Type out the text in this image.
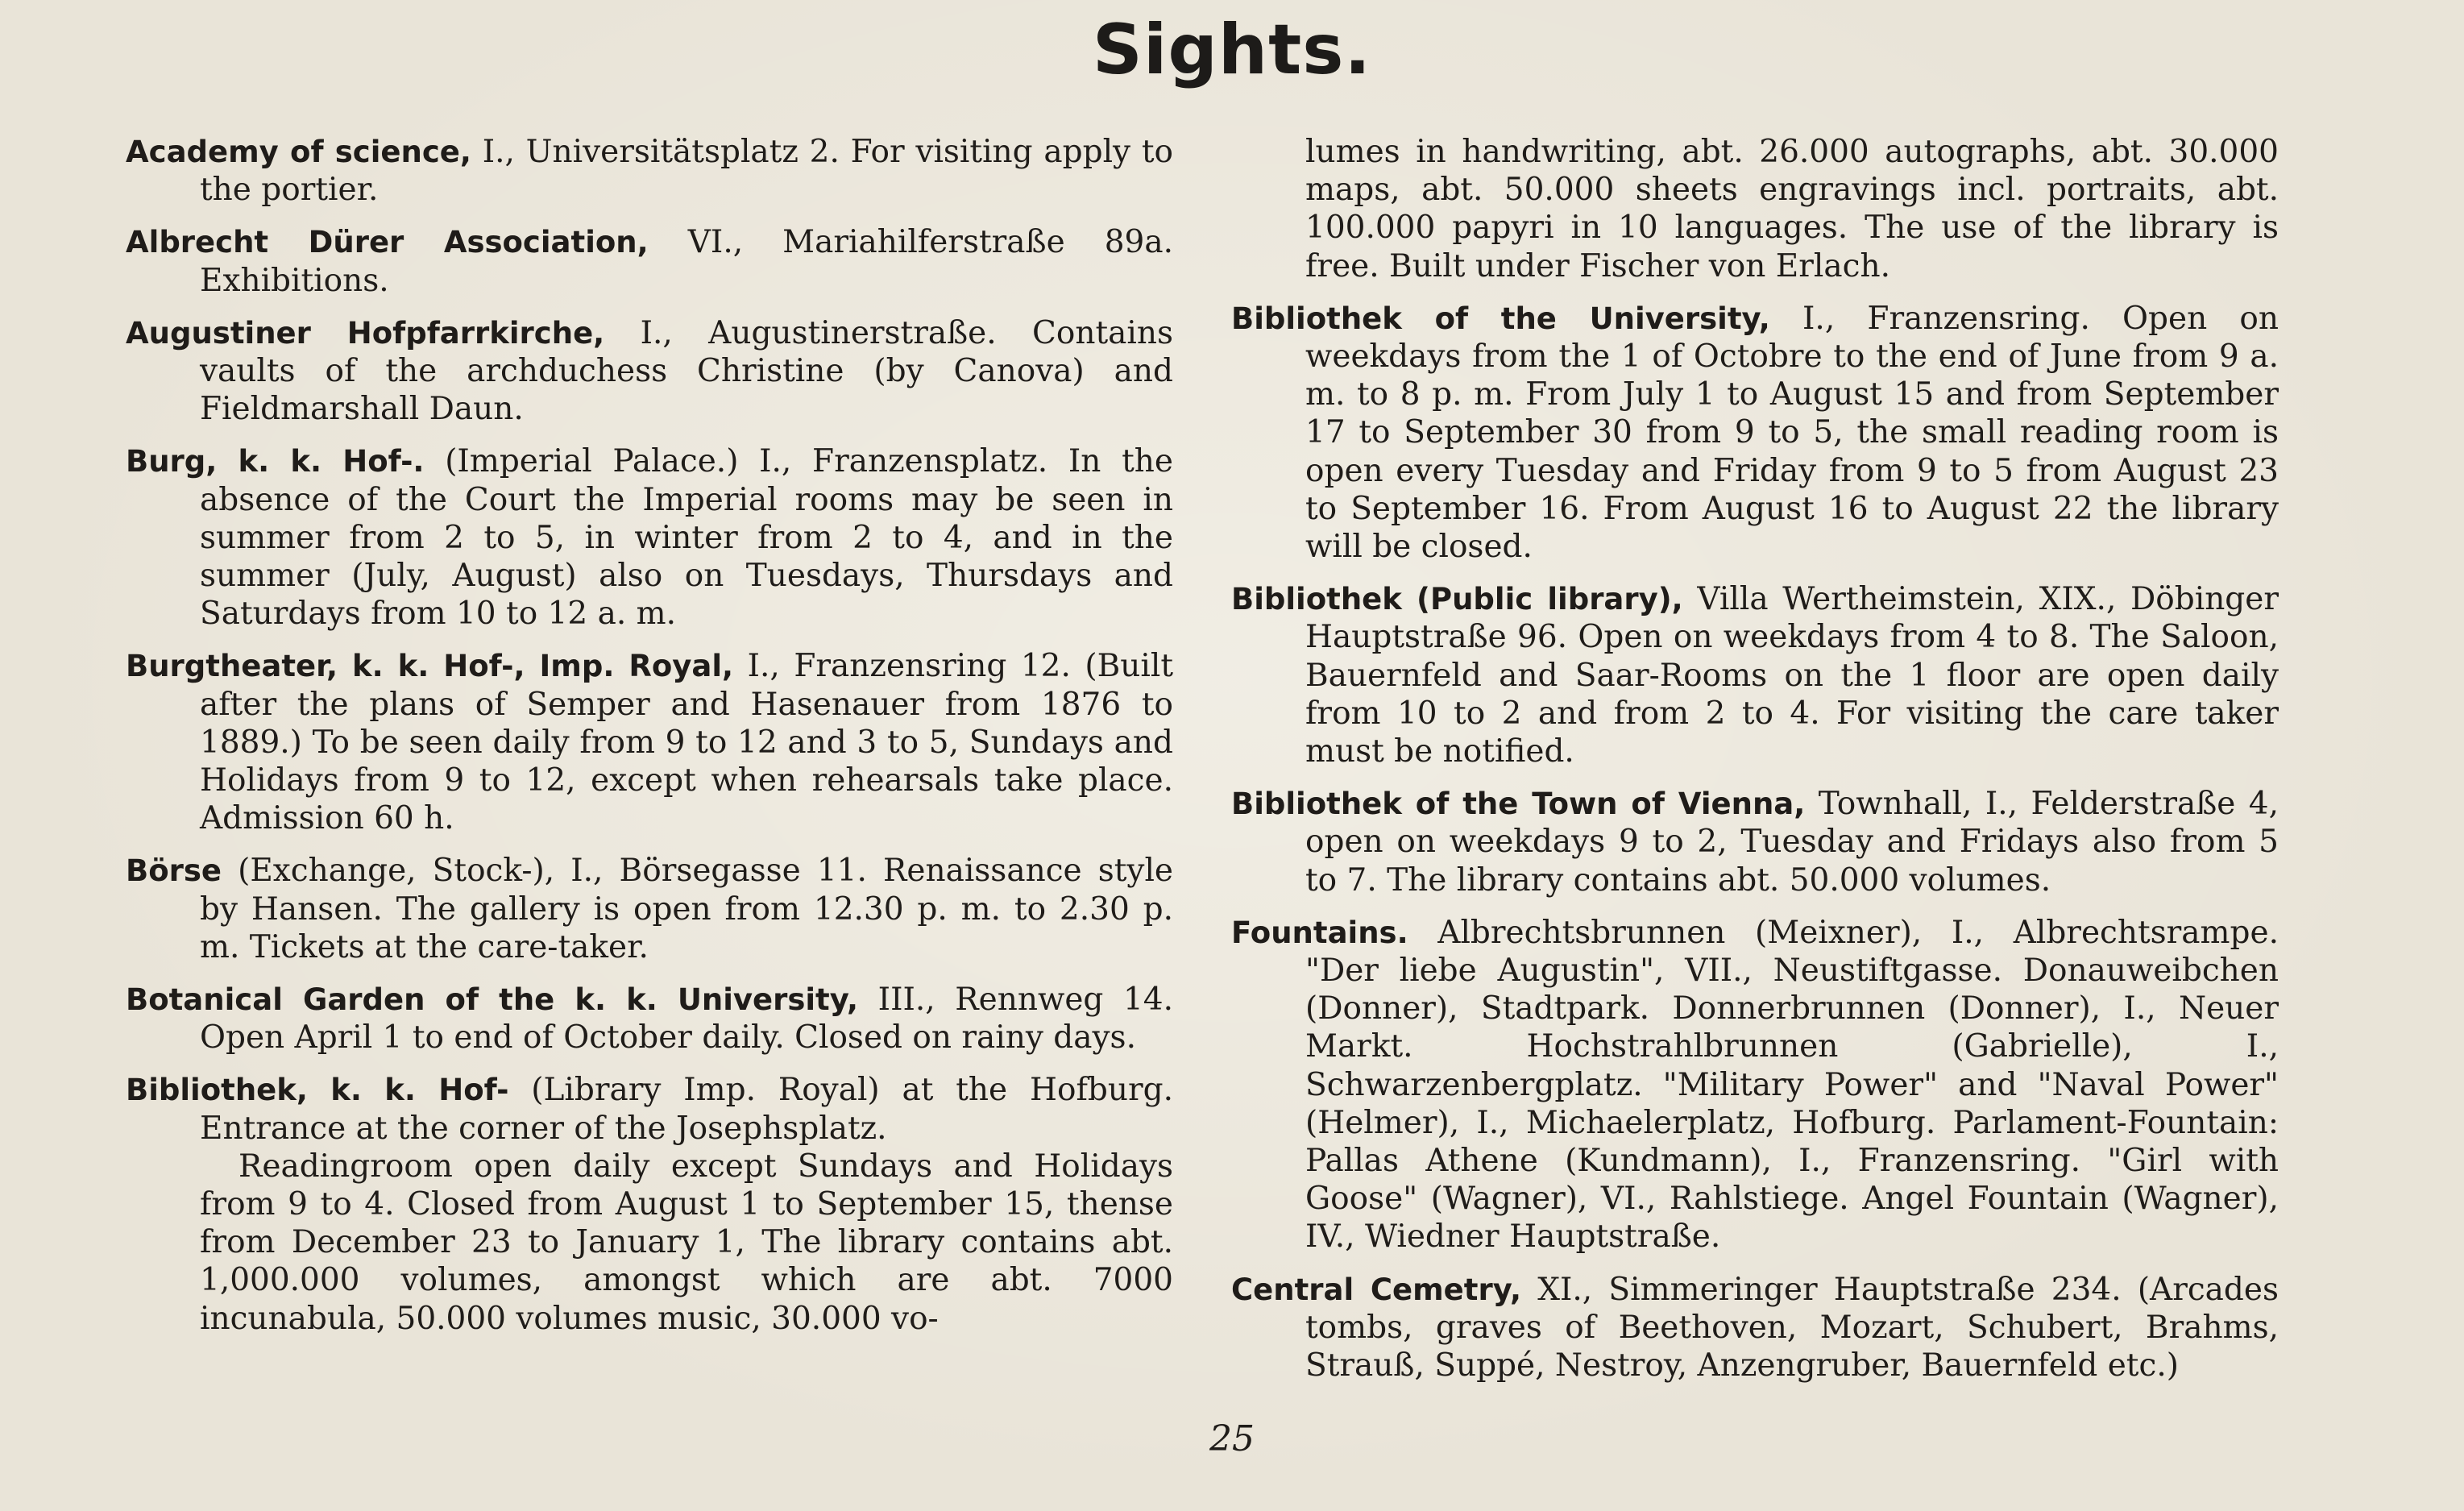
Sights.

Academy of science, I., Universitätsplatz 2. For visiting apply to the portier.

Albrecht Dürer Association, VI., Mariahilferstraße 89a. Exhibitions.

Augustiner Hofpfarrkirche, I., Augustinerstraße. Contains vaults of the archduchess Christine (by Canova) and Fieldmarshall Daun.

Burg, k. k. Hof-. (Imperial Palace.) I., Franzensplatz. In the absence of the Court the Imperial rooms may be seen in summer from 2 to 5, in winter from 2 to 4, and in the summer (July, August) also on Tuesdays, Thursdays and Saturdays from 10 to 12 a. m.

Burgtheater, k. k. Hof-, Imp. Royal, I., Franzensring 12. (Built after the plans of Semper and Hasenauer from 1876 to 1889.) To be seen daily from 9 to 12 and 3 to 5, Sundays and Holidays from 9 to 12, except when rehearsals take place. Admission 60 h.

Börse (Exchange, Stock-), I., Börsegasse 11. Renaissance style by Hansen. The gallery is open from 12.30 p. m. to 2.30 p. m. Tickets at the care-taker.

Botanical Garden of the k. k. University, III., Rennweg 14. Open April 1 to end of October daily. Closed on rainy days.

Bibliothek, k. k. Hof- (Library Imp. Royal) at the Hofburg. Entrance at the corner of the Josephsplatz.

Readingroom open daily except Sundays and Holidays from 9 to 4. Closed from August 1 to September 15, thense from December 23 to January 1, The library contains abt. 1,000.000 volumes, amongst which are abt. 7000 incunabula, 50.000 volumes music, 30.000 vo-

lumes in handwriting, abt. 26.000 autographs, abt. 30.000 maps, abt. 50.000 sheets engravings incl. portraits, abt. 100.000 papyri in 10 languages. The use of the library is free. Built under Fischer von Erlach.

Bibliothek of the University, I., Franzensring. Open on weekdays from the 1 of Octobre to the end of June from 9 a. m. to 8 p. m. From July 1 to August 15 and from September 17 to September 30 from 9 to 5, the small reading room is open every Tuesday and Friday from 9 to 5 from August 23 to September 16. From August 16 to August 22 the library will be closed.

Bibliothek (Public library), Villa Wertheimstein, XIX., Döbinger Hauptstraße 96. Open on weekdays from 4 to 8. The Saloon, Bauernfeld and Saar-Rooms on the 1 floor are open daily from 10 to 2 and from 2 to 4. For visiting the care taker must be notified.

Bibliothek of the Town of Vienna, Townhall, I., Felderstraße 4, open on weekdays 9 to 2, Tuesday and Fridays also from 5 to 7. The library contains abt. 50.000 volumes.

Fountains. Albrechtsbrunnen (Meixner), I., Albrechtsrampe. "Der liebe Augustin", VII., Neustiftgasse. Donauweibchen (Donner), Stadtpark. Donnerbrunnen (Donner), I., Neuer Markt. Hochstrahlbrunnen (Gabrielle), I., Schwarzenbergplatz. "Military Power" and "Naval Power" (Helmer), I., Michaelerplatz, Hofburg. Parlament-Fountain: Pallas Athene (Kundmann), I., Franzensring. "Girl with Goose" (Wagner), VI., Rahlstiege. Angel Fountain (Wagner), IV., Wiedner Hauptstraße.

Central Cemetry, XI., Simmeringer Hauptstraße 234. (Arcades tombs, graves of Beethoven, Mozart, Schubert, Brahms, Strauß, Suppé, Nestroy, Anzengruber, Bauernfeld etc.)

25
